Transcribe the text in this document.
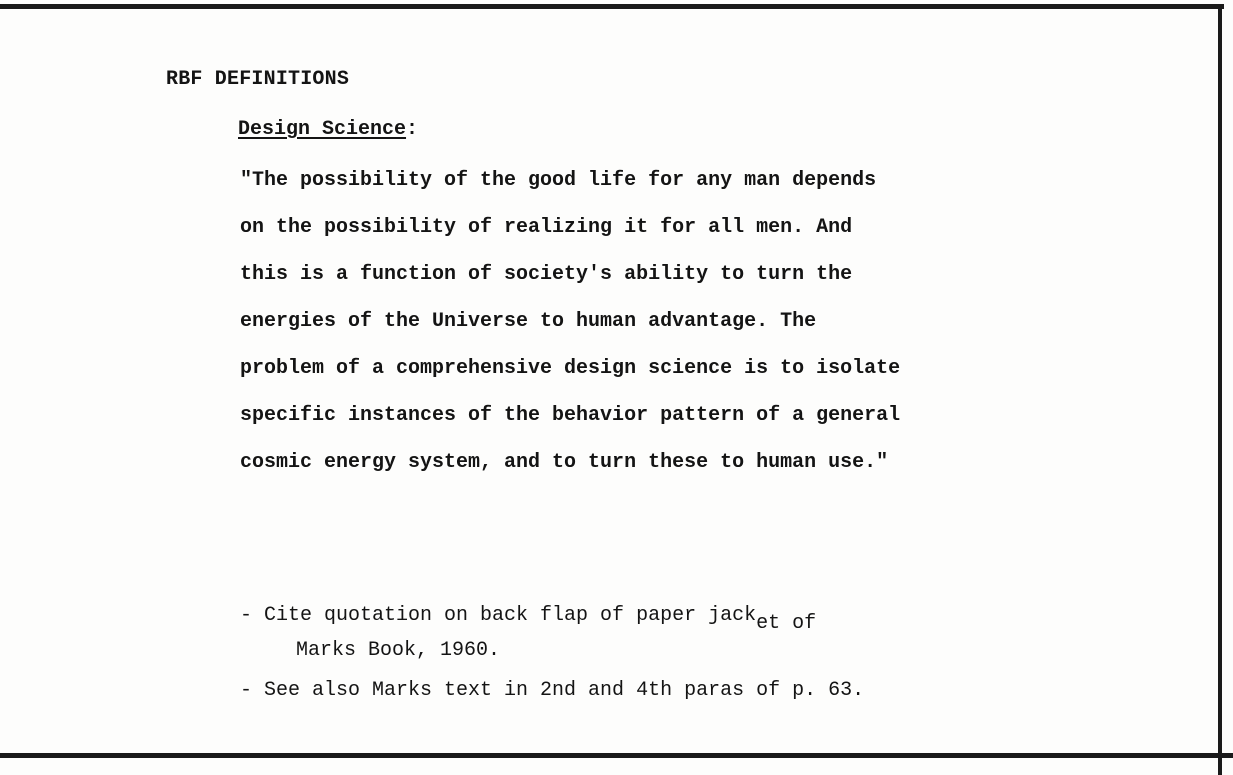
RBF DEFINITIONS
Design Science:
"The possibility of the good life for any man depends
on the possibility of realizing it for all men. And
this is a function of society's ability to turn the
energies of the Universe to human advantage. The
problem of a comprehensive design science is to isolate
specific instances of the behavior pattern of a general
cosmic energy system, and to turn these to human use."
- Cite quotation on back flap of paper jacket of
Marks Book, 1960.
- See also Marks text in 2nd and 4th paras of p. 63.
